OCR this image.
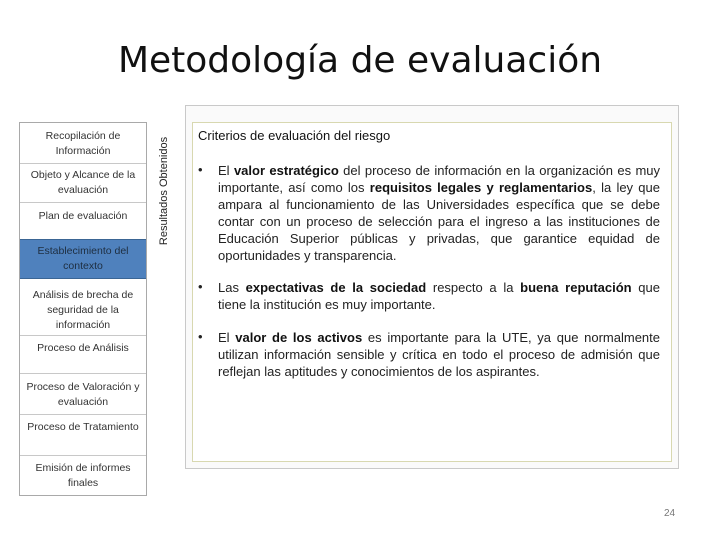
Metodología de evaluación
Recopilación de Información
Objeto y Alcance de la evaluación
Plan de evaluación
Establecimiento del contexto
Análisis de brecha de seguridad de la información
Proceso de Análisis
Proceso de Valoración y evaluación
Proceso de Tratamiento
Emisión de informes finales
Resultados Obtenidos
Criterios de evaluación del riesgo
• El valor estratégico del proceso de información en la organización es muy importante, así como los requisitos legales y reglamentarios, la ley que ampara al funcionamiento de las Universidades específica que se debe contar con un proceso de selección para el ingreso a las instituciones de Educación Superior públicas y privadas, que garantice equidad de oportunidades y transparencia.
• Las expectativas de la sociedad respecto a la buena reputación que tiene la institución es muy importante.
• El valor de los activos es importante para la UTE, ya que normalmente utilizan información sensible y crítica en todo el proceso de admisión que reflejan las aptitudes y conocimientos de los aspirantes.
24
